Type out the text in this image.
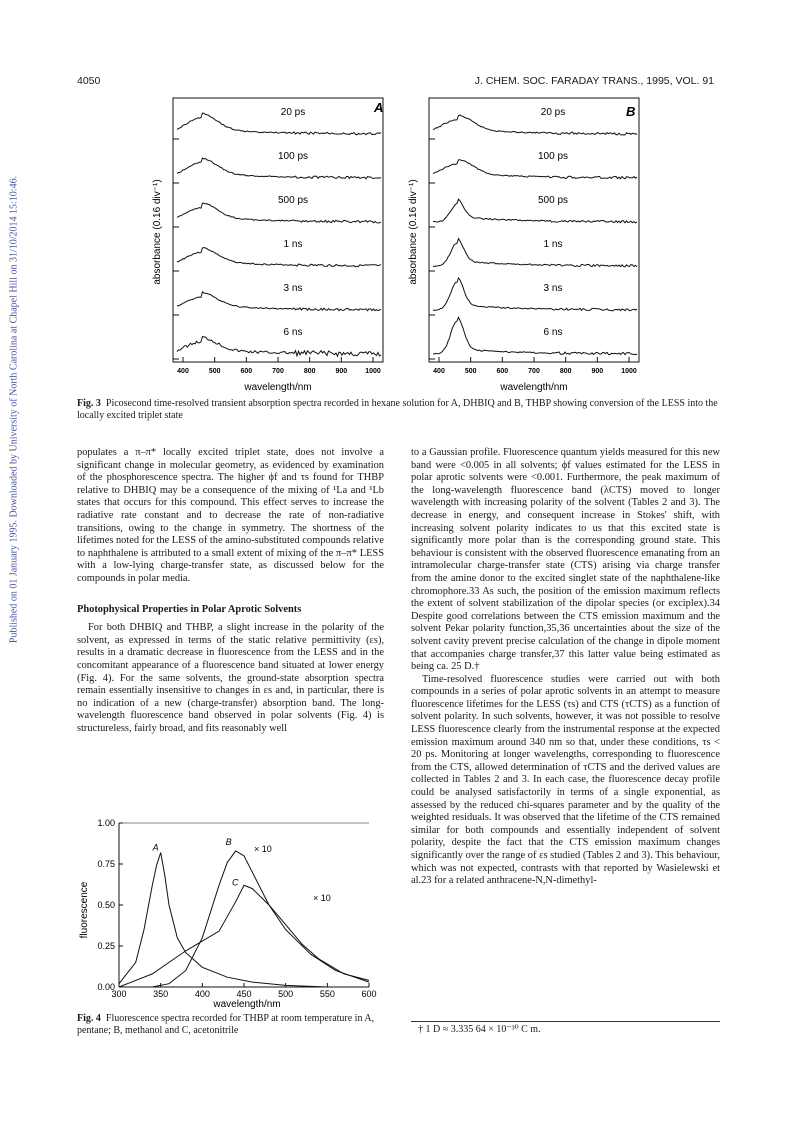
Published on 01 January 1995. Downloaded by University of North Carolina at Chapel Hill on 31/10/2014 15:10:46.
4050	J. CHEM. SOC. FARADAY TRANS., 1995, VOL. 91
400	500	600	700	800	900	1000
20 ps
100 ps
500 ps
1 ns
3 ns
6 ns
400	500	600	700	800	900	1000
20 ps
100 ps
500 ps
1 ns
3 ns
6 ns
A	B
absorbance (0.16 div⁻¹)	absorbance (0.16 div⁻¹)
wavelength/nm	wavelength/nm
Fig. 3 Picosecond time-resolved transient absorption spectra recorded in hexane solution for A, DHBIQ and B, THBP showing conversion of the LESS into the locally excited triplet state

populates a π–π* locally excited triplet state, does not involve a significant change in molecular geometry, as evidenced by examination of the phosphorescence spectra. The higher ϕf and τs found for THBP relative to DHBIQ may be a consequence of the mixing of ¹La and ¹Lb states that occurs for this compound. This effect serves to increase the radiative rate constant and to decrease the rate of non-radiative transitions, owing to the change in symmetry. The shortness of the lifetimes noted for the LESS of the amino-substituted compounds relative to naphthalene is attributed to a small extent of mixing of the π–π* LESS with a low-lying charge-transfer state, as discussed below for the compounds in polar media.

Photophysical Properties in Polar Aprotic Solvents

For both DHBIQ and THBP, a slight increase in the polarity of the solvent, as expressed in terms of the static relative permittivity (εs), results in a dramatic decrease in fluorescence from the LESS and in the concomitant appearance of a fluorescence band situated at lower energy (Fig. 4). For the same solvents, the ground-state absorption spectra remain essentially insensitive to changes in εs and, in particular, there is no indication of a new (charge-transfer) absorption band. The long-wavelength fluorescence band observed in polar solvents (Fig. 4) is structureless, fairly broad, and fits reasonably well

300	350	400	450	500	550	600
0.00
0.25
0.50
0.75
1.00
A
B
C
fluorescence
wavelength/nm
× 10
× 10
Fig. 4 Fluorescence spectra recorded for THBP at room temperature in A, pentane; B, methanol and C, acetonitrile

to a Gaussian profile. Fluorescence quantum yields measured for this new band were <0.005 in all solvents; ϕf values estimated for the LESS in polar aprotic solvents were <0.001. Furthermore, the peak maximum of the long-wavelength fluorescence band (λCTS) moved to longer wavelength with increasing polarity of the solvent (Tables 2 and 3). The decrease in energy, and consequent increase in Stokes' shift, with increasing solvent polarity indicates to us that this excited state is significantly more polar than is the corresponding ground state. This behaviour is consistent with the observed fluorescence emanating from an intramolecular charge-transfer state (CTS) arising via charge transfer from the amine donor to the excited singlet state of the naphthalene-like chromophore.33 As such, the position of the emission maximum reflects the extent of solvent stabilization of the dipolar species (or exciplex).34 Despite good correlations between the CTS emission maximum and the solvent Pekar polarity function,35,36 uncertainties about the size of the solvent cavity prevent precise calculation of the change in dipole moment that accompanies charge transfer,37 this latter value being estimated as being ca. 25 D.†

Time-resolved fluorescence studies were carried out with both compounds in a series of polar aprotic solvents in an attempt to measure fluorescence lifetimes for the LESS (τs) and CTS (τCTS) as a function of solvent polarity. In such solvents, however, it was not possible to resolve LESS fluorescence clearly from the instrumental response at the expected emission maximum around 340 nm so that, under these conditions, τs < 20 ps. Monitoring at longer wavelengths, corresponding to fluorescence from the CTS, allowed determination of τCTS and the derived values are collected in Tables 2 and 3. In each case, the fluorescence decay profile could be analysed satisfactorily in terms of a single exponential, as assessed by the reduced chi-squares parameter and by the quality of the weighted residuals. It was observed that the lifetime of the CTS remained similar for both compounds and essentially independent of solvent polarity, despite the fact that the CTS emission maximum changes significantly over the range of εs studied (Tables 2 and 3). This behaviour, which was not expected, contrasts with that reported by Wasielewski et al.23 for a related anthracene-N,N-dimethyl-

† 1 D ≈ 3.335 64 × 10⁻³⁰ C m.
